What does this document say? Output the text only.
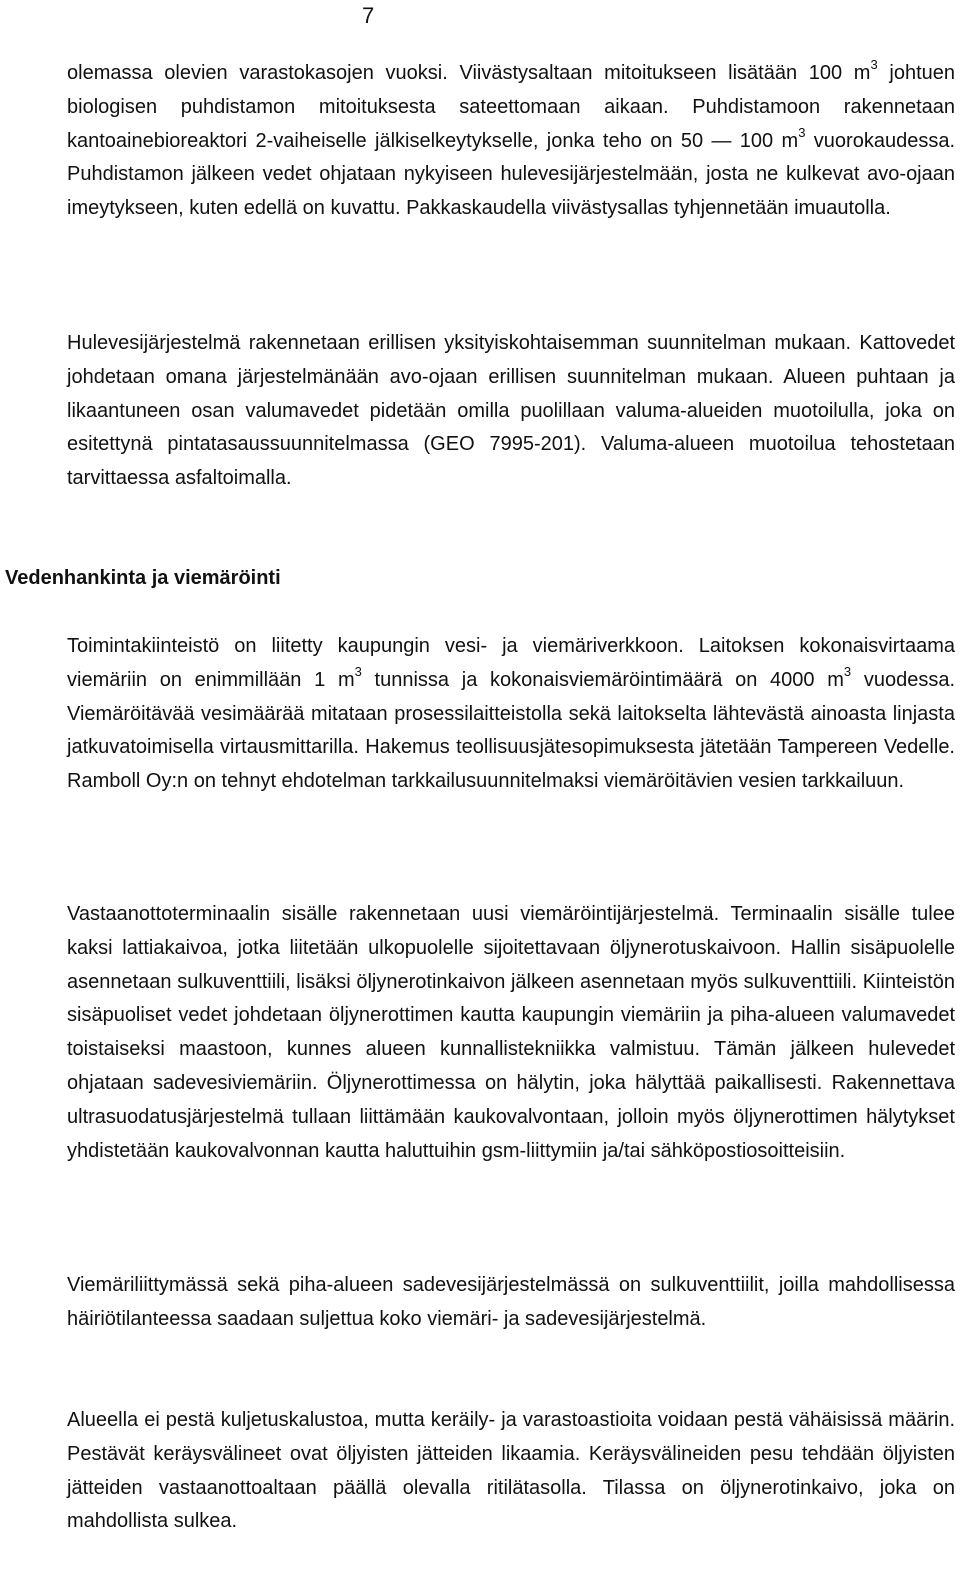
7

olemassa olevien varastokasojen vuoksi. Viivästysaltaan mitoitukseen lisätään 100 $m^3$ johtuen biologisen puhdistamon mitoituksesta sateettomaan aikaan. Puhdistamoon rakennetaan kantoainebioreaktori 2-vaiheiselle jälkiselkeytykselle, jonka teho on 50 — 100 $m^3$ vuorokaudessa. Puhdistamon jälkeen vedet ohjataan nykyiseen hulevesijärjestelmään, josta ne kulkevat avo-ojaan imeytykseen, kuten edellä on kuvattu. Pakkaskaudella viivästysallas tyhjennetään imuautolla.

Hulevesijärjestelmä rakennetaan erillisen yksityiskohtaisemman suunnitelman mukaan. Kattovedet johdetaan omana järjestelmänään avo-ojaan erillisen suunnitelman mukaan. Alueen puhtaan ja likaantuneen osan valumavedet pidetään omilla puolillaan valuma-alueiden muotoilulla, joka on esitettynä pintatasaussuunnitelmassa (GEO 7995-201). Valuma-alueen muotoilua tehostetaan tarvittaessa asfaltoimalla.

Vedenhankinta ja viemäröinti

Toimintakiinteistö on liitetty kaupungin vesi- ja viemäriverkkoon. Laitoksen kokonaisvirtaama viemäriin on enimmillään 1 $m^3$ tunnissa ja kokonaisviemäröintimäärä on 4000 $m^3$ vuodessa. Viemäröitävää vesimäärää mitataan prosessilaitteistolla sekä laitokselta lähtevästä ainoasta linjasta jatkuvatoimisella virtausmittarilla. Hakemus teollisuusjätesopimuksesta jätetään Tampereen Vedelle. Ramboll Oy:n on tehnyt ehdotelman tarkkailusuunnitelmaksi viemäröitävien vesien tarkkailuun.

Vastaanottoterminaalin sisälle rakennetaan uusi viemäröintijärjestelmä. Terminaalin sisälle tulee kaksi lattiakaivoa, jotka liitetään ulkopuolelle sijoitettavaan öljynerotuskaivoon. Hallin sisäpuolelle asennetaan sulkuventtiili, lisäksi öljynerotinkaivon jälkeen asennetaan myös sulkuventtiili. Kiinteistön sisäpuoliset vedet johdetaan öljynerottimen kautta kaupungin viemäriin ja piha-alueen valumavedet toistaiseksi maastoon, kunnes alueen kunnallistekniikka valmistuu. Tämän jälkeen hulevedet ohjataan sadevesiviemäriin. Öljynerottimessa on hälytin, joka hälyttää paikallisesti. Rakennettava ultrasuodatusjärjestelmä tullaan liittämään kaukovalvontaan, jolloin myös öljynerottimen hälytykset yhdistetään kaukovalvonnan kautta haluttuihin gsm-liittymiin ja/tai sähköpostiosoitteisiin.

Viemäriliittymässä sekä piha-alueen sadevesijärjestelmässä on sulkuventtiilit, joilla mahdollisessa häiriötilanteessa saadaan suljettua koko viemäri- ja sadevesijärjestelmä.

Alueella ei pestä kuljetuskalustoa, mutta keräily- ja varastoastioita voidaan pestä vähäisissä määrin. Pestävät keräysvälineet ovat öljyisten jätteiden likaamia. Keräysvälineiden pesu tehdään öljyisten jätteiden vastaanottoaltaan päällä olevalla ritilätasolla. Tilassa on öljynerotinkaivo, joka on mahdollista sulkea.
